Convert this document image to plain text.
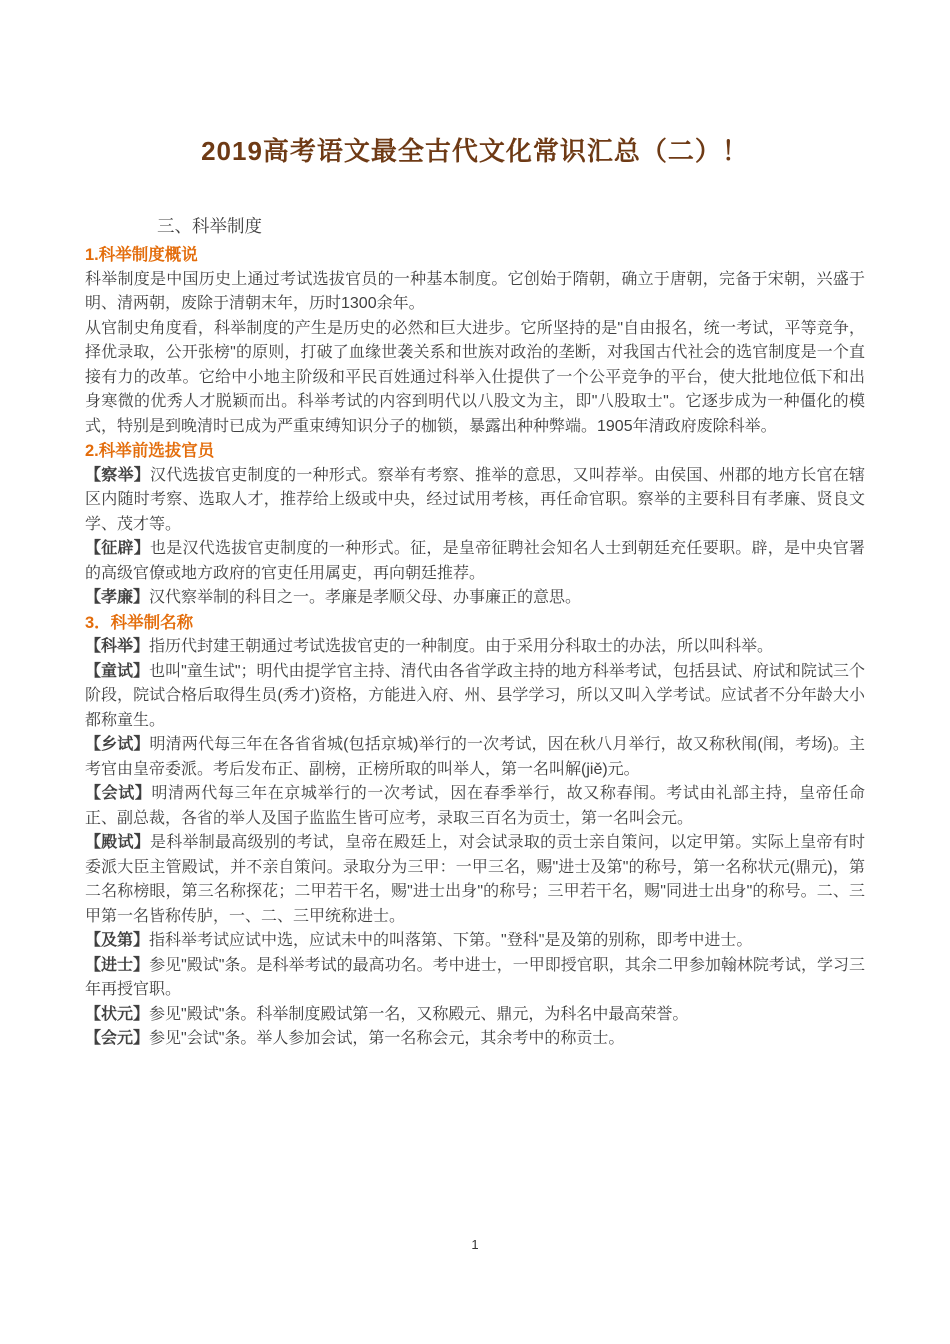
2019高考语文最全古代文化常识汇总（二）！
三、科举制度
1.科举制度概说

科举制度是中国历史上通过考试选拔官员的一种基本制度。它创始于隋朝，确立于唐朝，完备于宋朝，兴盛于明、清两朝，废除于清朝末年，历时1300余年。

从官制史角度看，科举制度的产生是历史的必然和巨大进步。它所坚持的是"自由报名，统一考试，平等竞争，择优录取，公开张榜"的原则，打破了血缘世袭关系和世族对政治的垄断，对我国古代社会的选官制度是一个直接有力的改革。它给中小地主阶级和平民百姓通过科举入仕提供了一个公平竞争的平台，使大批地位低下和出身寒微的优秀人才脱颖而出。科举考试的内容到明代以八股文为主，即"八股取士"。它逐步成为一种僵化的模式，特别是到晚清时已成为严重束缚知识分子的枷锁，暴露出种种弊端。1905年清政府废除科举。

2.科举前选拔官员

【察举】汉代选拔官吏制度的一种形式。察举有考察、推举的意思，又叫荐举。由侯国、州郡的地方长官在辖区内随时考察、选取人才，推荐给上级或中央，经过试用考核，再任命官职。察举的主要科目有孝廉、贤良文学、茂才等。

【征辟】也是汉代选拔官吏制度的一种形式。征，是皇帝征聘社会知名人士到朝廷充任要职。辟，是中央官署的高级官僚或地方政府的官吏任用属吏，再向朝廷推荐。

【孝廉】汉代察举制的科目之一。孝廉是孝顺父母、办事廉正的意思。

3．科举制名称

【科举】指历代封建王朝通过考试选拔官吏的一种制度。由于采用分科取士的办法，所以叫科举。

【童试】也叫"童生试"；明代由提学官主持、清代由各省学政主持的地方科举考试，包括县试、府试和院试三个阶段，院试合格后取得生员(秀才)资格，方能进入府、州、县学学习，所以又叫入学考试。应试者不分年龄大小都称童生。

【乡试】明清两代每三年在各省省城(包括京城)举行的一次考试，因在秋八月举行，故又称秋闱(闱，考场)。主考官由皇帝委派。考后发布正、副榜，正榜所取的叫举人，第一名叫解(jiě)元。

【会试】明清两代每三年在京城举行的一次考试，因在春季举行，故又称春闱。考试由礼部主持，皇帝任命正、副总裁，各省的举人及国子监监生皆可应考，录取三百名为贡士，第一名叫会元。

【殿试】是科举制最高级别的考试，皇帝在殿廷上，对会试录取的贡士亲自策问，以定甲第。实际上皇帝有时委派大臣主管殿试，并不亲自策问。录取分为三甲：一甲三名，赐"进士及第"的称号，第一名称状元(鼎元)，第二名称榜眼，第三名称探花；二甲若干名，赐"进士出身"的称号；三甲若干名，赐"同进士出身"的称号。二、三甲第一名皆称传胪，一、二、三甲统称进士。

【及第】指科举考试应试中选，应试未中的叫落第、下第。"登科"是及第的别称，即考中进士。

【进士】参见"殿试"条。是科举考试的最高功名。考中进士，一甲即授官职，其余二甲参加翰林院考试，学习三年再授官职。

【状元】参见"殿试"条。科举制度殿试第一名，又称殿元、鼎元，为科名中最高荣誉。

【会元】参见"会试"条。举人参加会试，第一名称会元，其余考中的称贡士。

1
